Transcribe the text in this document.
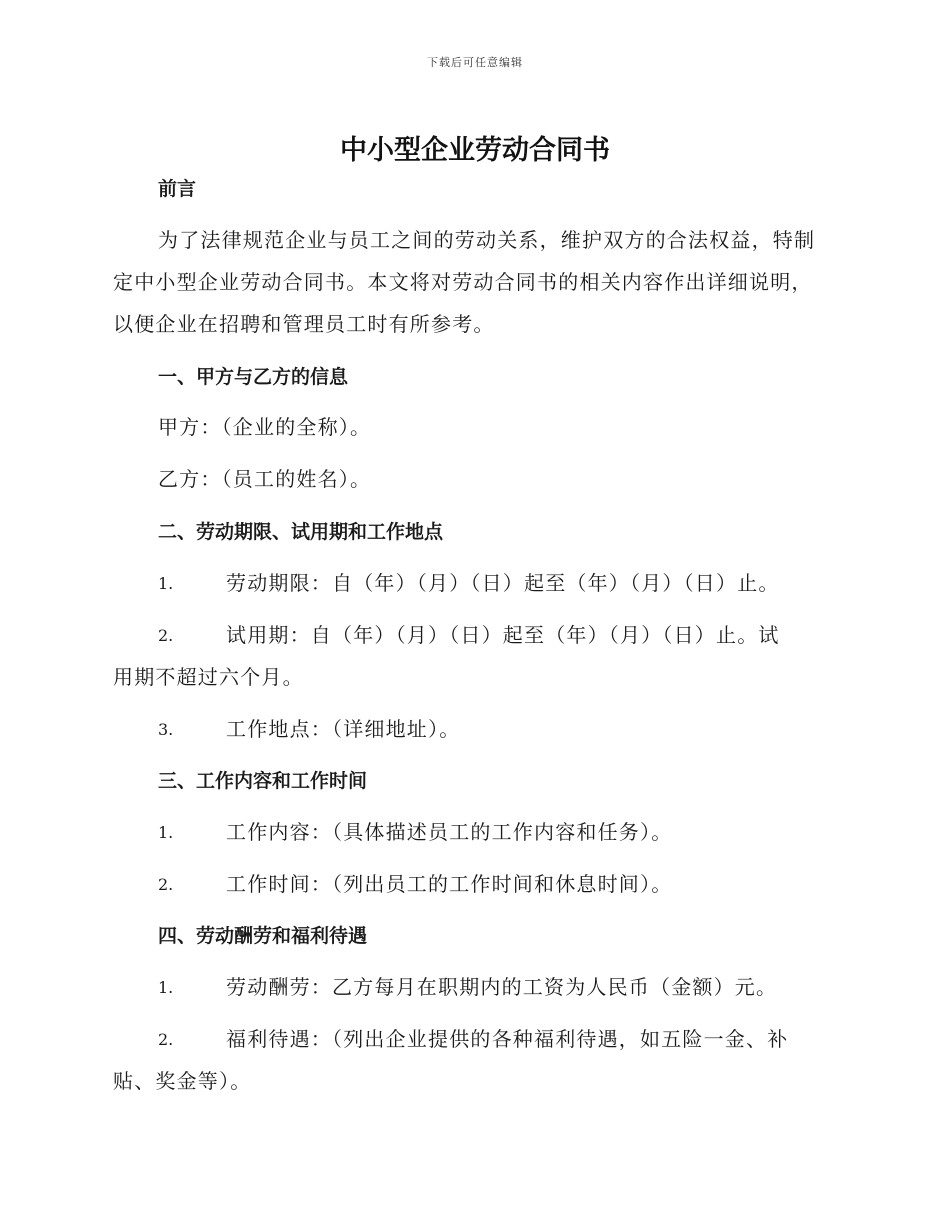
下载后可任意编辑
中小型企业劳动合同书
前言
为了法律规范企业与员工之间的劳动关系，维护双方的合法权益，特制
定中小型企业劳动合同书。本文将对劳动合同书的相关内容作出详细说明，
以便企业在招聘和管理员工时有所参考。
一、甲方与乙方的信息
甲方：（企业的全称）。
乙方：（员工的姓名）。
二、劳动期限、试用期和工作地点
1.	劳动期限：自（年）（月）（日）起至（年）（月）（日）止。
2.	试用期：自（年）（月）（日）起至（年）（月）（日）止。试
用期不超过六个月。
3.	工作地点：（详细地址）。
三、工作内容和工作时间
1.	工作内容：（具体描述员工的工作内容和任务）。
2.	工作时间：（列出员工的工作时间和休息时间）。
四、劳动酬劳和福利待遇
1.	劳动酬劳：乙方每月在职期内的工资为人民币（金额）元。
2.	福利待遇：（列出企业提供的各种福利待遇，如五险一金、补
贴、奖金等）。
